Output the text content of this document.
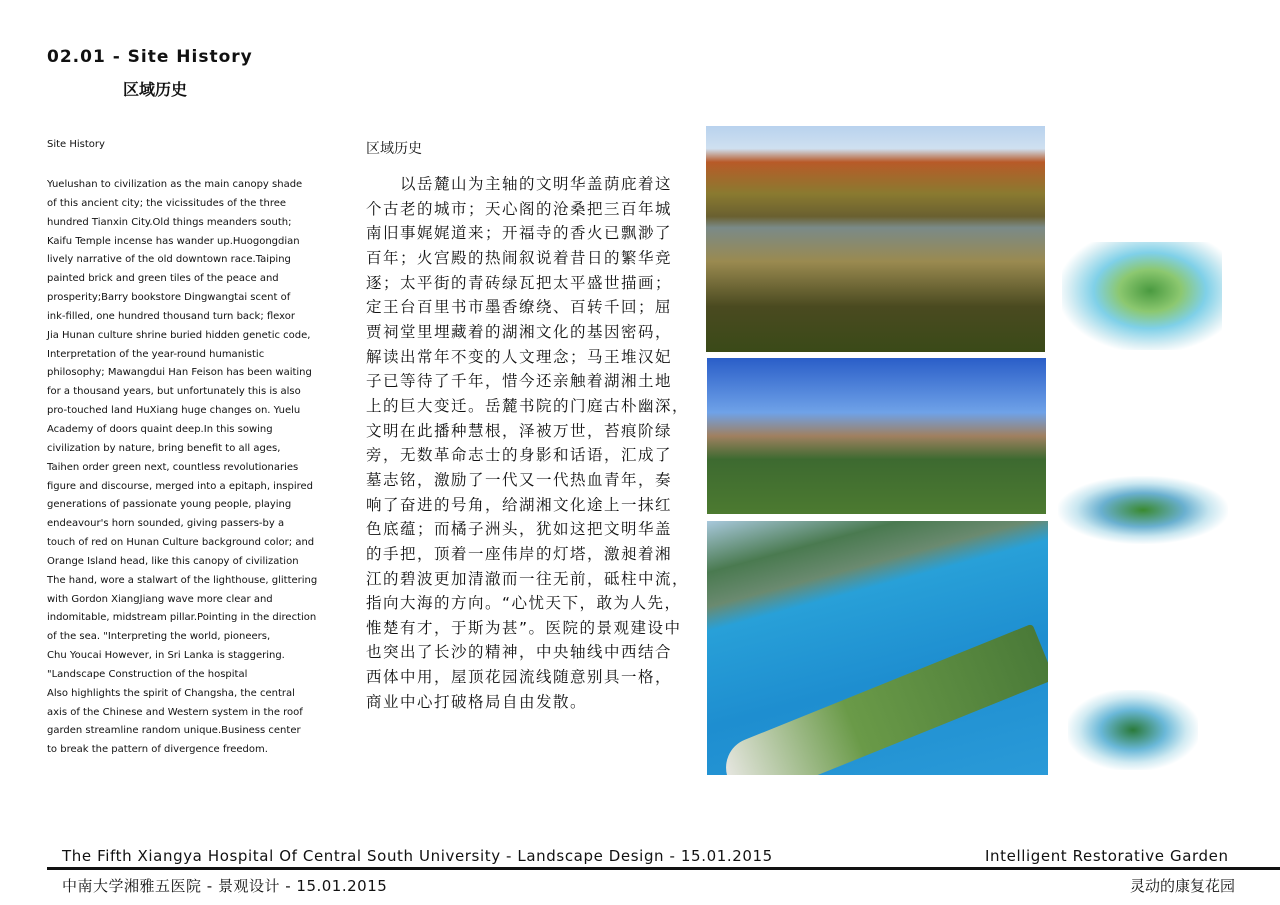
02.01 - Site History
区域历史
Site History
Yuelushan to civilization as the main canopy shade
of this ancient city; the vicissitudes of the three
hundred Tianxin City.Old things meanders south;
Kaifu Temple incense has wander up.Huogongdian
lively narrative of the old downtown race.Taiping
painted brick and green tiles of the peace and
prosperity;Barry bookstore Dingwangtai scent of
ink-filled, one hundred thousand turn back; flexor
Jia Hunan culture shrine buried hidden genetic code,
Interpretation of the year-round humanistic
philosophy; Mawangdui Han Feison has been waiting
for a thousand years, but unfortunately this is also
pro-touched land HuXiang huge changes on. Yuelu
Academy of doors quaint deep.In this sowing
civilization by nature, bring benefit to all ages,
Taihen order green next, countless revolutionaries
figure and discourse, merged into a epitaph, inspired
generations of passionate young people, playing
endeavour's horn sounded, giving passers-by a
touch of red on Hunan Culture background color; and
Orange Island head, like this canopy of civilization
The hand, wore a stalwart of the lighthouse, glittering
with Gordon XiangJiang wave more clear and
indomitable, midstream pillar.Pointing in the direction
of the sea. "Interpreting the world, pioneers,
Chu Youcai However, in Sri Lanka is staggering.
"Landscape Construction of the hospital
Also highlights the spirit of Changsha, the central
axis of the Chinese and Western system in the roof
garden streamline random unique.Business center
to break the pattern of divergence freedom.
区域历史
　　以岳麓山为主轴的文明华盖荫庇着这
个古老的城市；天心阁的沧桑把三百年城
南旧事娓娓道来；开福寺的香火已飘渺了
百年；火宫殿的热闹叙说着昔日的繁华竞
逐；太平街的青砖绿瓦把太平盛世描画；
定王台百里书市墨香缭绕、百转千回；屈
贾祠堂里埋藏着的湖湘文化的基因密码，
解读出常年不变的人文理念；马王堆汉妃
子已等待了千年，惜今还亲触着湖湘土地
上的巨大变迁。岳麓书院的门庭古朴幽深，
文明在此播种慧根，泽被万世，苔痕阶绿
旁，无数革命志士的身影和话语，汇成了
墓志铭，激励了一代又一代热血青年，奏
响了奋进的号角，给湖湘文化途上一抹红
色底蕴；而橘子洲头，犹如这把文明华盖
的手把，顶着一座伟岸的灯塔，激昶着湘
江的碧波更加清澈而一往无前，砥柱中流，
指向大海的方向。“心忧天下，敢为人先，
惟楚有才，于斯为甚”。医院的景观建设中
也突出了长沙的精神，中央轴线中西结合
西体中用，屋顶花园流线随意别具一格，
商业中心打破格局自由发散。
The Fifth Xiangya Hospital Of Central South University - Landscape Design - 15.01.2015	Intelligent Restorative Garden
中南大学湘雅五医院 - 景观设计 - 15.01.2015	灵动的康复花园
